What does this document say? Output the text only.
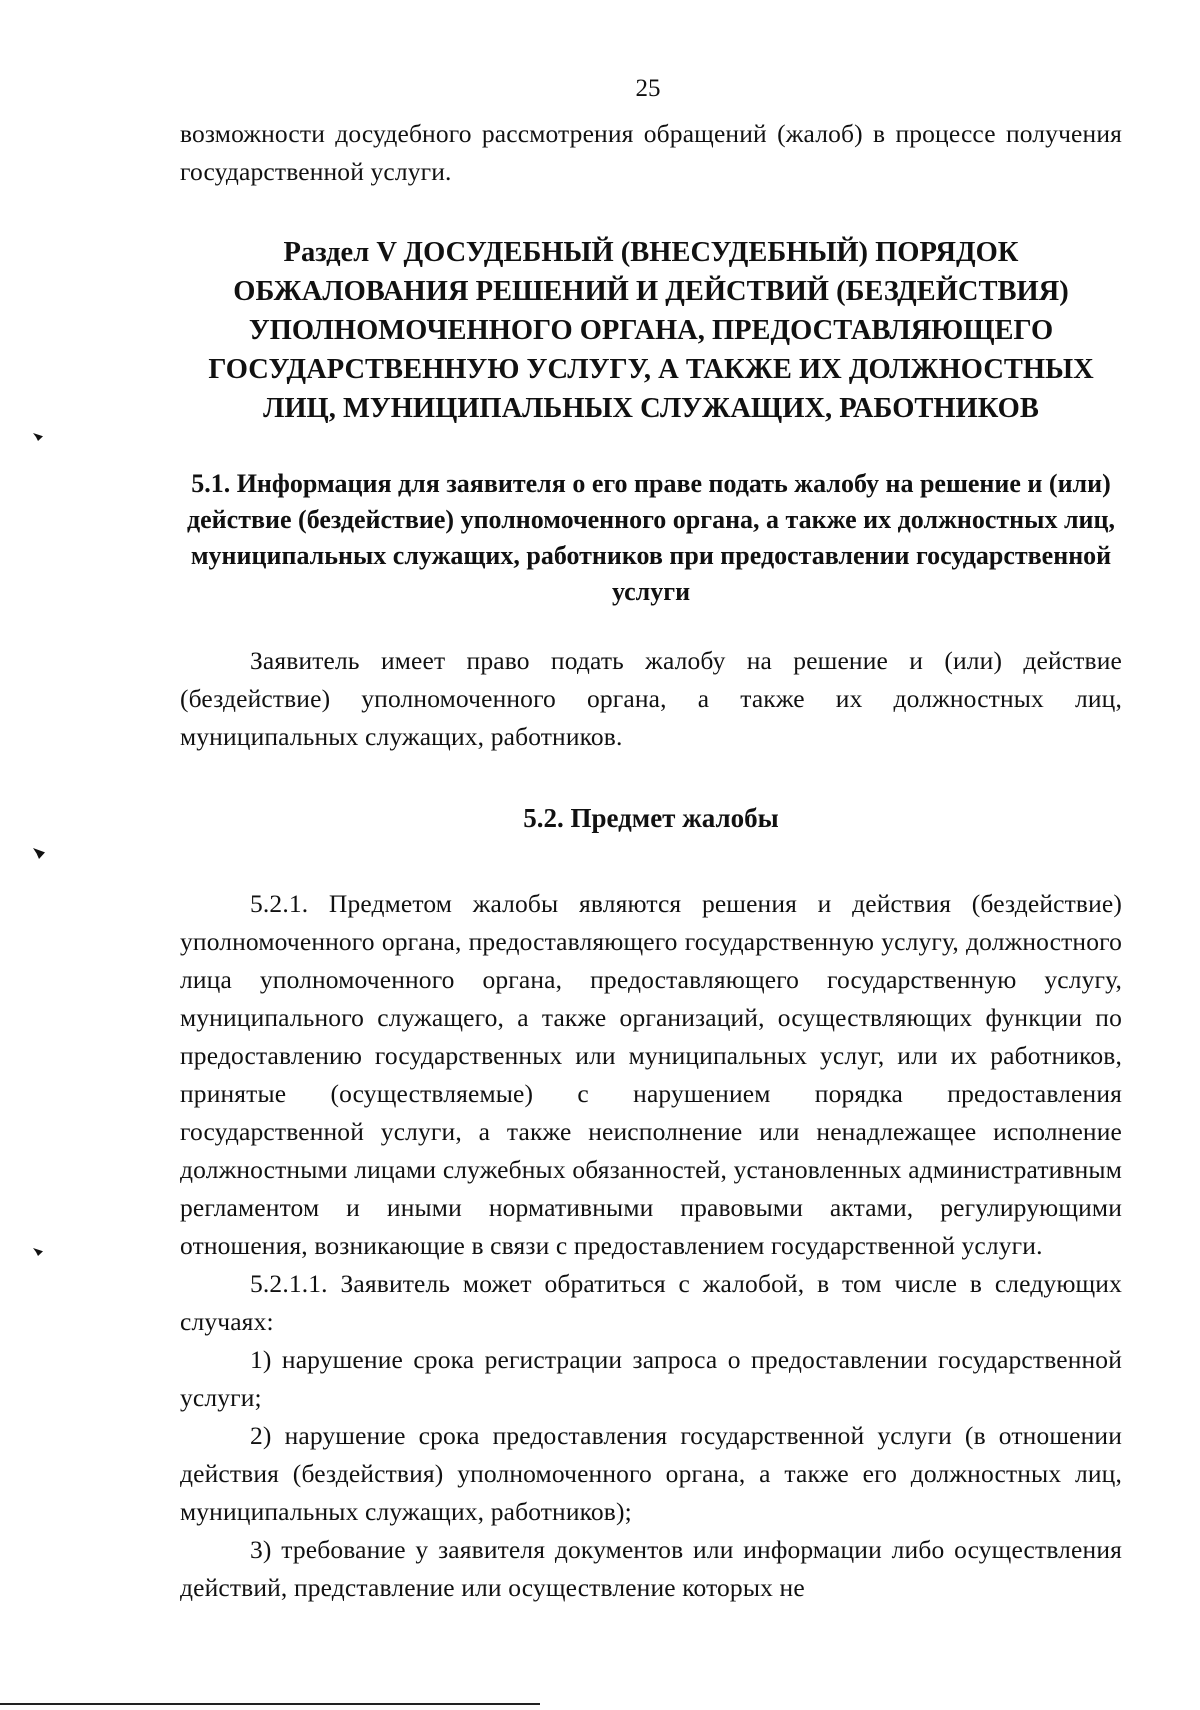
25

возможности досудебного рассмотрения обращений (жалоб) в процессе получения государственной услуги.

Раздел V ДОСУДЕБНЫЙ (ВНЕСУДЕБНЫЙ) ПОРЯДОК ОБЖАЛОВАНИЯ РЕШЕНИЙ И ДЕЙСТВИЙ (БЕЗДЕЙСТВИЯ) УПОЛНОМОЧЕННОГО ОРГАНА, ПРЕДОСТАВЛЯЮЩЕГО ГОСУДАРСТВЕННУЮ УСЛУГУ, А ТАКЖЕ ИХ ДОЛЖНОСТНЫХ ЛИЦ, МУНИЦИПАЛЬНЫХ СЛУЖАЩИХ, РАБОТНИКОВ
5.1. Информация для заявителя о его праве подать жалобу на решение и (или) действие (бездействие) уполномоченного органа, а также их должностных лиц, муниципальных служащих, работников при предоставлении государственной услуги

Заявитель имеет право подать жалобу на решение и (или) действие (бездействие) уполномоченного органа, а также их должностных лиц, муниципальных служащих, работников.

5.2. Предмет жалобы

5.2.1. Предметом жалобы являются решения и действия (бездействие) уполномоченного органа, предоставляющего государственную услугу, должностного лица уполномоченного органа, предоставляющего государственную услугу, муниципального служащего, а также организаций, осуществляющих функции по предоставлению государственных или муниципальных услуг, или их работников, принятые (осуществляемые) с нарушением порядка предоставления государственной услуги, а также неисполнение или ненадлежащее исполнение должностными лицами служебных обязанностей, установленных административным регламентом и иными нормативными правовыми актами, регулирующими отношения, возникающие в связи с предоставлением государственной услуги.

5.2.1.1. Заявитель может обратиться с жалобой, в том числе в следующих случаях:

1) нарушение срока регистрации запроса о предоставлении государственной услуги;

2) нарушение срока предоставления государственной услуги (в отношении действия (бездействия) уполномоченного органа, а также его должностных лиц, муниципальных служащих, работников);

3) требование у заявителя документов или информации либо осуществления действий, представление или осуществление которых не
